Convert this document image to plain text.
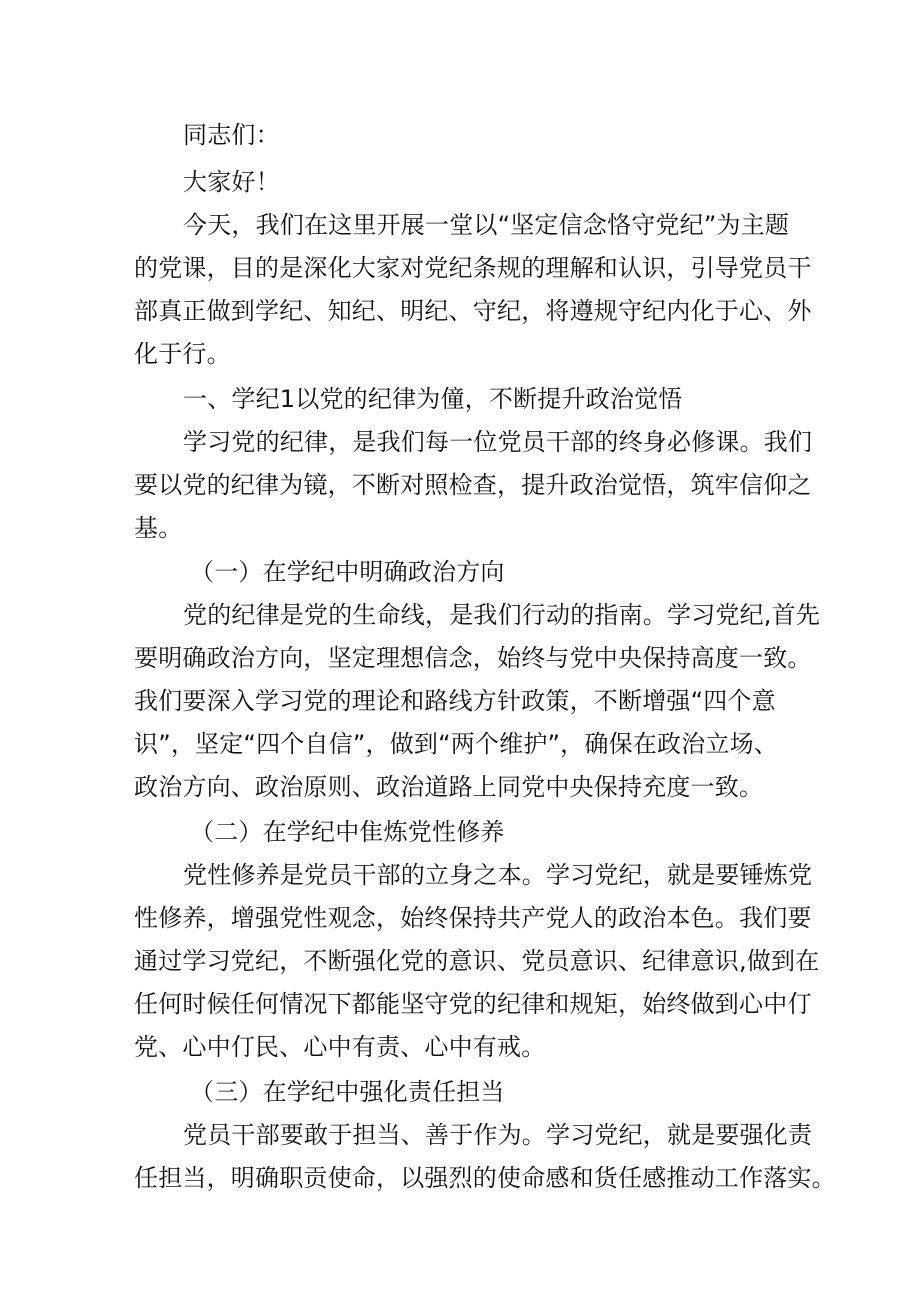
同志们：
大家好！
今天，我们在这里开展一堂以“坚定信念恪守党纪”为主题
的党课，目的是深化大家对党纪条规的理解和认识，引导党员干
部真正做到学纪、知纪、明纪、守纪，将遵规守纪内化于心、外
化于行。
一、学纪1以党的纪律为僮，不断提升政治觉悟
学习党的纪律，是我们每一位党员干部的终身必修课。我们
要以党的纪律为镜，不断对照检查，提升政治觉悟，筑牢信仰之
基。
（一）在学纪中明确政治方向
党的纪律是党的生命线，是我们行动的指南。学习党纪,首先
要明确政治方向，坚定理想信念，始终与党中央保持高度一致。
我们要深入学习党的理论和路线方针政策，不断增强“四个意
识”，坚定“四个自信”，做到“两个维护”，确保在政治立场、
政治方向、政治原则、政治道路上同党中央保持充度一致。
（二）在学纪中隹炼党性修养
党性修养是党员干部的立身之本。学习党纪，就是要锤炼党
性修养，增强党性观念，始终保持共产党人的政治本色。我们要
通过学习党纪，不断强化党的意识、党员意识、纪律意识,做到在
任何时候任何情况下都能坚守党的纪律和规矩，始终做到心中仃
党、心中仃民、心中有责、心中有戒。
（三）在学纪中强化责任担当
党员干部要敢于担当、善于作为。学习党纪，就是要强化责
任担当，明确职贡使命，以强烈的使命感和货任感推动工作落实。
